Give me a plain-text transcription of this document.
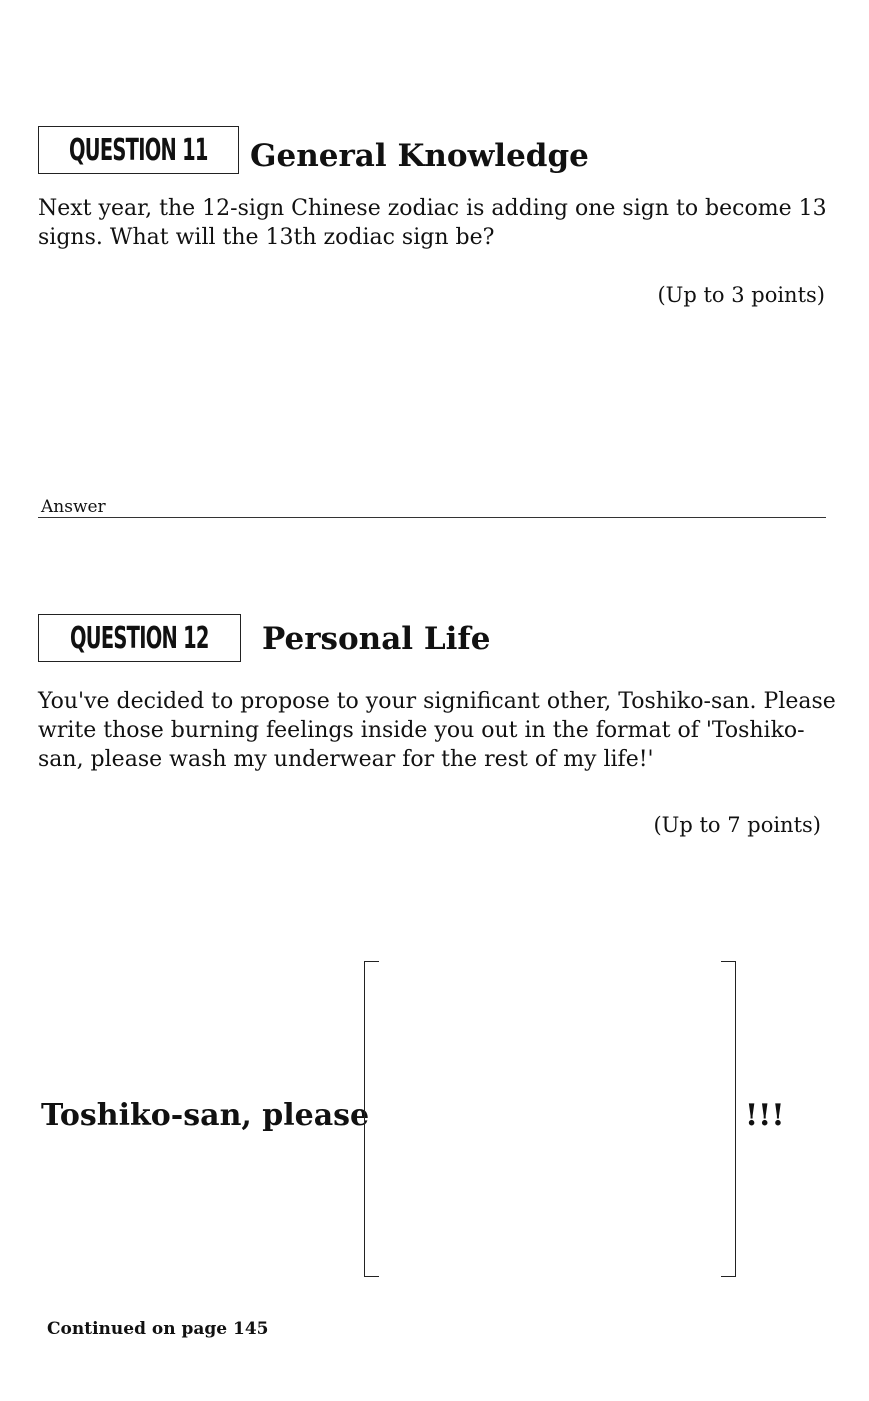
QUESTION 11 General Knowledge
Next year, the 12-sign Chinese zodiac is adding one sign to become 13 signs. What will the 13th zodiac sign be?
(Up to 3 points)
Answer
QUESTION 12 Personal Life
You've decided to propose to your significant other, Toshiko-san. Please write those burning feelings inside you out in the format of 'Toshiko-san, please wash my underwear for the rest of my life!'
(Up to 7 points)
Toshiko-san, please	!!!
Continued on page 145
